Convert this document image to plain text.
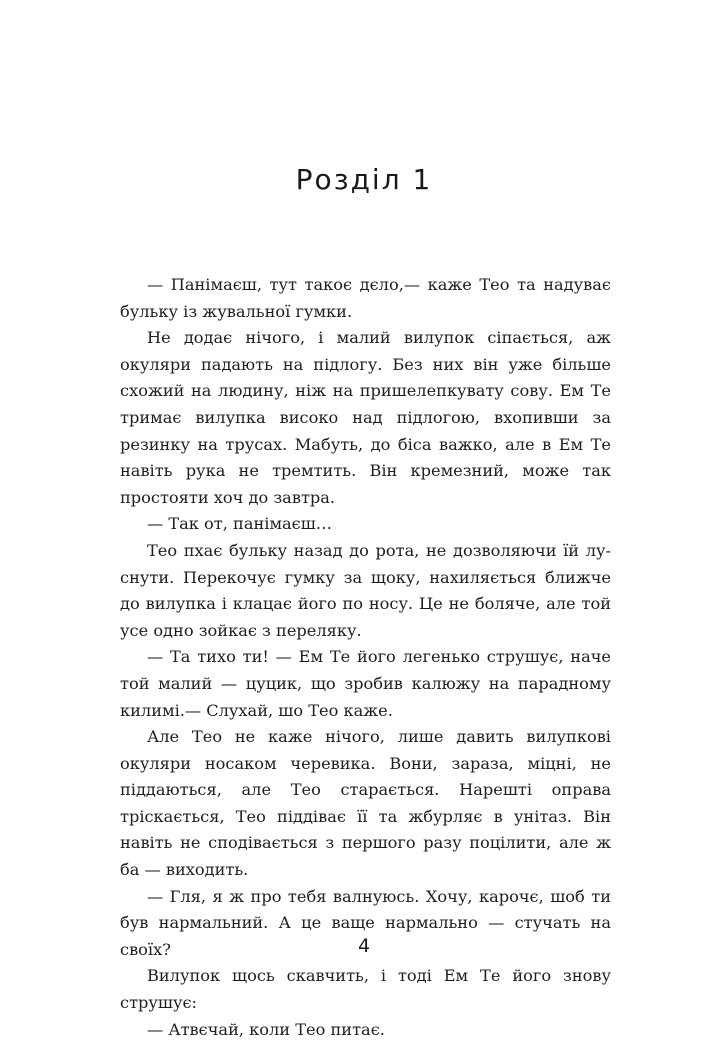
Розділ 1

— Панімаєш, тут такоє дєло,— каже Тео та надуває бульку із жувальної гумки.

Не додає нічого, і малий вилупок сіпається, аж окуляри падають на підлогу. Без них він уже більше схожий на людину, ніж на пришелепкувату сову. Ем Те тримає вилупка високо над підлогою, вхопивши за резинку на трусах. Мабуть, до біса важко, але в Ем Те навіть рука не тремтить. Він кремезний, може так простояти хоч до завтра.

— Так от, панімаєш…

Тео пхає бульку назад до рота, не дозволяючи їй луснути. Перекочує гумку за щоку, нахиляється ближче до вилупка і клацає його по носу. Це не боляче, але той усе одно зойкає з переляку.

— Та тихо ти! — Ем Те його легенько струшує, наче той малий — цуцик, що зробив калюжу на парадному килимі.— Слухай, шо Тео каже.

Але Тео не каже нічого, лише давить вилупкові окуляри носаком черевика. Вони, зараза, міцні, не піддаються, але Тео старається. Нарешті оправа тріскається, Тео піддіває її та жбурляє в унітаз. Він навіть не сподівається з першого разу поцілити, але ж ба — виходить.

— Гля, я ж про тебя валнуюсь. Хочу, карочє, шоб ти був нармальний. А це ваще нармально — стучать на своїх?

Вилупок щось скавчить, і тоді Ем Те його знову струшує:

— Атвєчай, коли Тео питає.

4
